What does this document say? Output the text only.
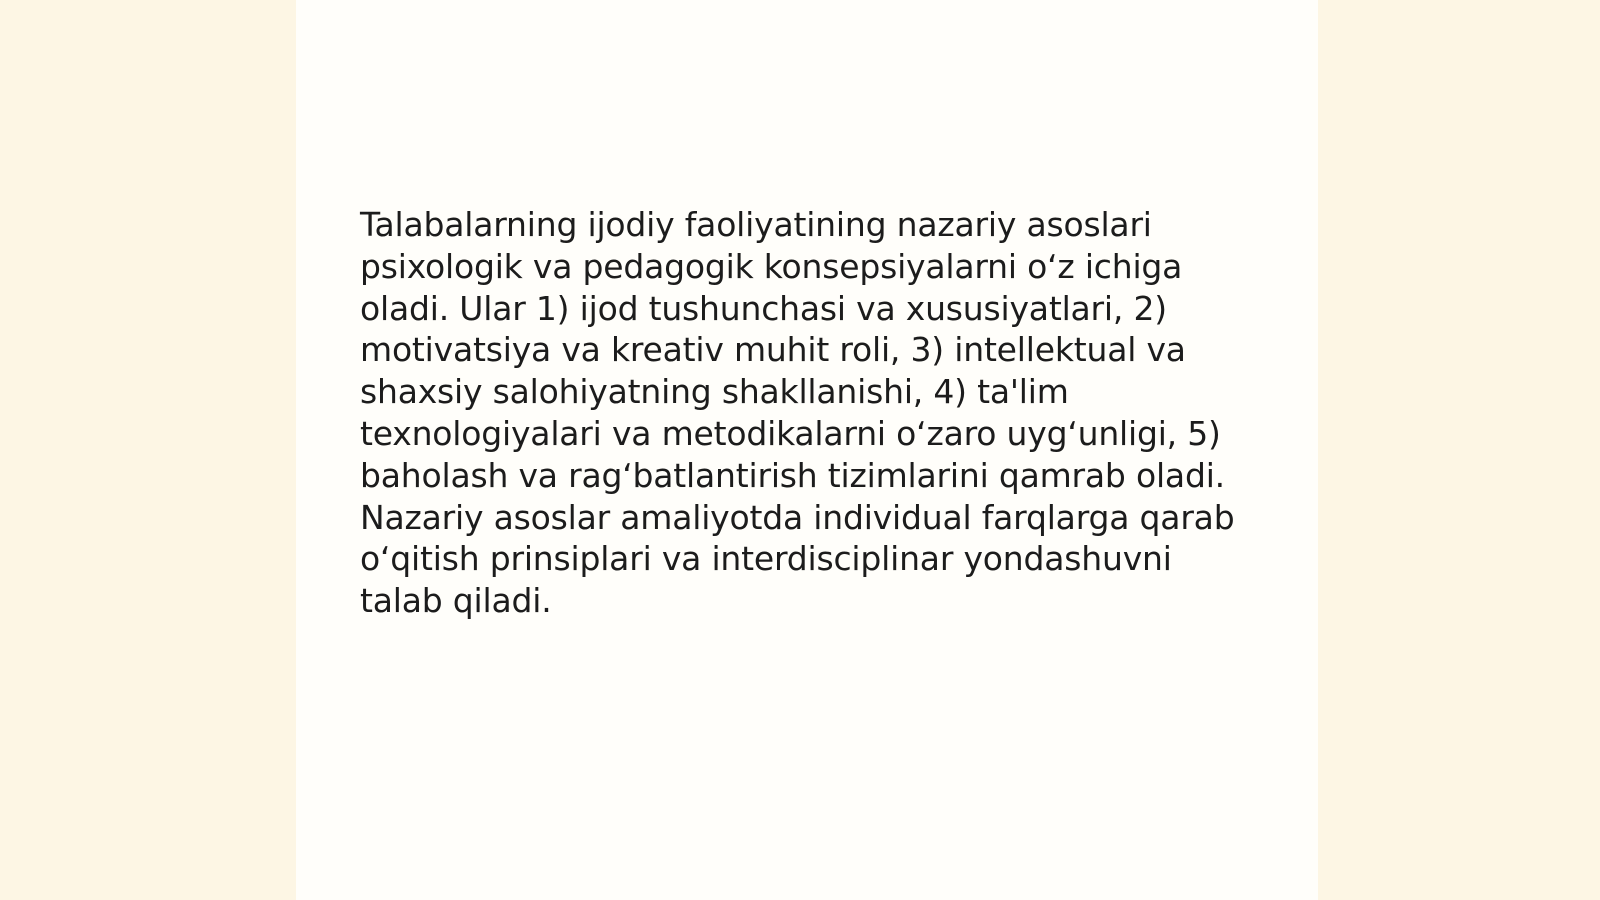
Talabalarning ijodiy faoliyatining nazariy asoslari
psixologik va pedagogik konsepsiyalarni o‘z ichiga
oladi. Ular 1) ijod tushunchasi va xususiyatlari, 2)
motivatsiya va kreativ muhit roli, 3) intellektual va
shaxsiy salohiyatning shakllanishi, 4) ta'lim
texnologiyalari va metodikalarni o‘zaro uyg‘unligi, 5)
baholash va rag‘batlantirish tizimlarini qamrab oladi.
Nazariy asoslar amaliyotda individual farqlarga qarab
o‘qitish prinsiplari va interdisciplinar yondashuvni
talab qiladi.
